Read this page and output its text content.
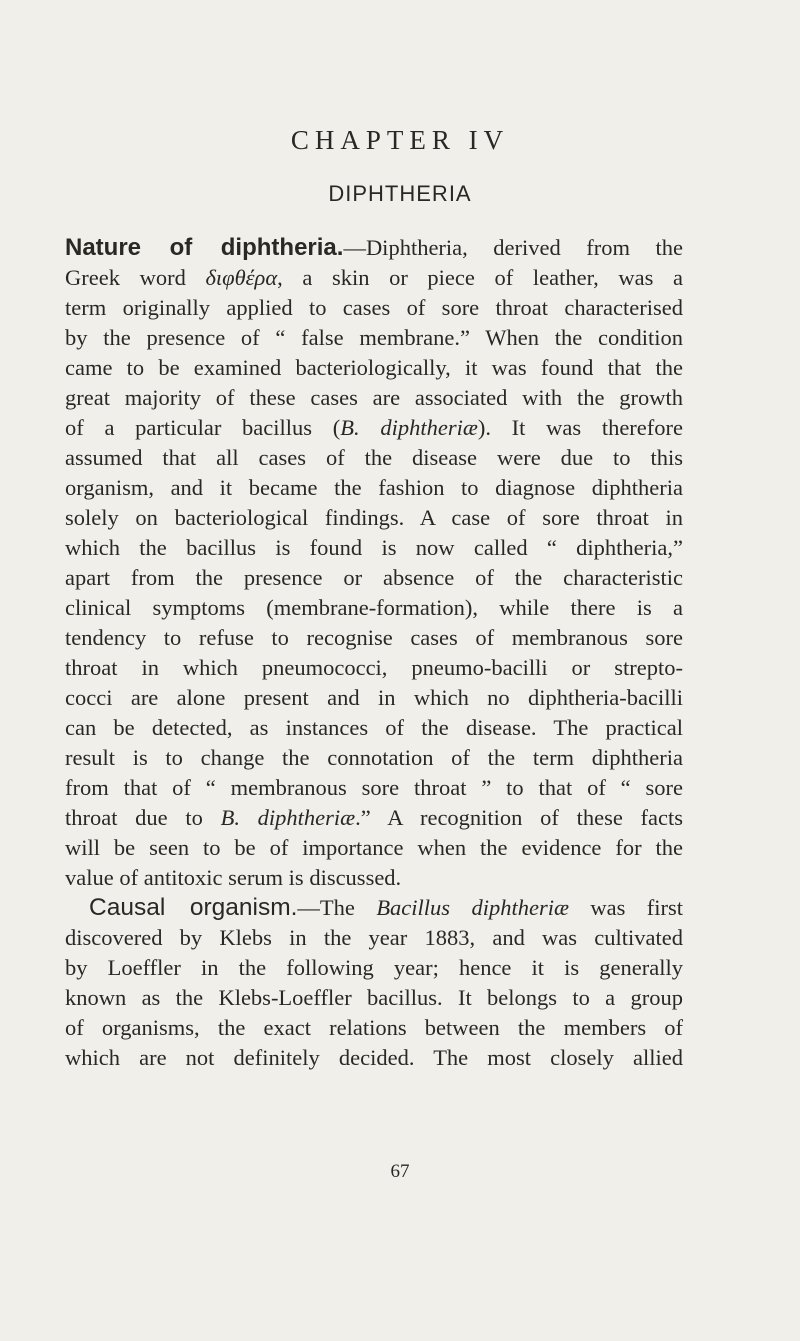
CHAPTER IV
DIPHTHERIA
Nature of diphtheria.—Diphtheria, derived from the
Greek word διφθέρα, a skin or piece of leather, was a
term originally applied to cases of sore throat characterised
by the presence of “ false membrane.” When the condition
came to be examined bacteriologically, it was found that the
great majority of these cases are associated with the growth
of a particular bacillus (B. diphtheriæ). It was therefore
assumed that all cases of the disease were due to this
organism, and it became the fashion to diagnose diphtheria
solely on bacteriological findings. A case of sore throat in
which the bacillus is found is now called “ diphtheria,”
apart from the presence or absence of the characteristic
clinical symptoms (membrane-formation), while there is a
tendency to refuse to recognise cases of membranous sore
throat in which pneumococci, pneumo-bacilli or strepto-
cocci are alone present and in which no diphtheria-bacilli
can be detected, as instances of the disease. The practical
result is to change the connotation of the term diphtheria
from that of “ membranous sore throat ” to that of “ sore
throat due to B. diphtheriæ.” A recognition of these facts
will be seen to be of importance when the evidence for the
value of antitoxic serum is discussed.
Causal organism.—The Bacillus diphtheriæ was first
discovered by Klebs in the year 1883, and was cultivated
by Loeffler in the following year; hence it is generally
known as the Klebs-Loeffler bacillus. It belongs to a group
of organisms, the exact relations between the members of
which are not definitely decided. The most closely allied
67
